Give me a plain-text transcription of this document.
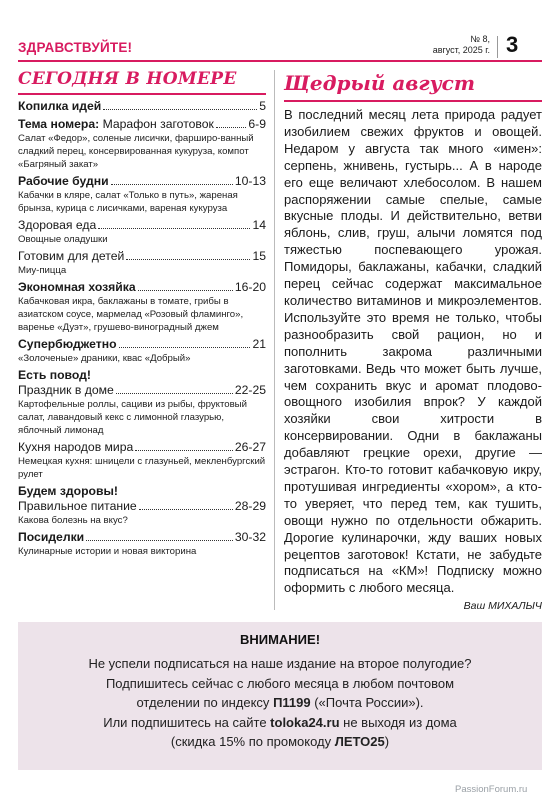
ЗДРАВСТВУЙТЕ!
№ 8,
август, 2025 г. 3
СЕГОДНЯ В НОМЕРЕ
Копилка идей	5
Тема номера: Марафон заготовок	6-9
Салат «Федор», соленые лисички, фарширо-ванный сладкий перец, консервированная кукуруза, компот «Багряный закат»
Рабочие будни	10-13
Кабачки в кляре, салат «Только в путь», жареная брынза, курица с лисичками, вареная кукуруза
Здоровая еда	14
Овощные оладушки
Готовим для детей	15
Миу-пицца
Экономная хозяйка	16-20
Кабачковая икра, баклажаны в томате, грибы в азиатском соусе, мармелад «Розовый фламинго», варенье «Дуэт», грушево-виноградный джем
Супербюджетно	21
«Золоченые» драники, квас «Добрый»
Есть повод!
Праздник в доме	22-25
Картофельные роллы, сациви из рыбы, фруктовый салат, лавандовый кекс с лимонной глазурью, яблочный лимонад
Кухня народов мира	26-27
Немецкая кухня: шницели с глазуньей, мекленбургский рулет
Будем здоровы!
Правильное питание	28-29
Какова болезнь на вкус?
Посиделки	30-32
Кулинарные истории и новая викторина
Щедрый август
В последний месяц лета природа радует изобилием свежих фруктов и овощей. Недаром у августа так много «имен»: серпень, жнивень, густырь... А в народе его еще величают хлебосолом. В нашем распоряжении самые спелые, самые вкусные плоды. И действительно, ветви яблонь, слив, груш, алычи ломятся под тяжестью поспевающего урожая. Помидоры, баклажаны, кабачки, сладкий перец сейчас содержат максимальное количество витаминов и микроэлементов. Используйте это время не только, чтобы разнообразить свой рацион, но и пополнить закрома различными заготовками. Ведь что может быть лучше, чем сохранить вкус и аромат плодово-овощного изобилия впрок? У каждой хозяйки свои хитрости в консервировании. Одни в баклажаны добавляют грецкие орехи, другие — эстрагон. Кто-то готовит кабачковую икру, протушивая ингредиенты «хором», а кто-то уверяет, что перед тем, как тушить, овощи нужно по отдельности обжарить. Дорогие кулинарочки, жду ваших новых рецептов заготовок! Кстати, не забудьте подписаться на «КМ»! Подписку можно оформить с любого месяца.
Ваш МИХАЛЫЧ
ВНИМАНИЕ!
Не успели подписаться на наше издание на второе полугодие?
Подпишитесь сейчас с любого месяца в любом почтовом
отделении по индексу П1199 («Почта России»).
Или подпишитесь на сайте toloka24.ru не выходя из дома
(скидка 15% по промокоду ЛЕТО25)
PassionForum.ru
